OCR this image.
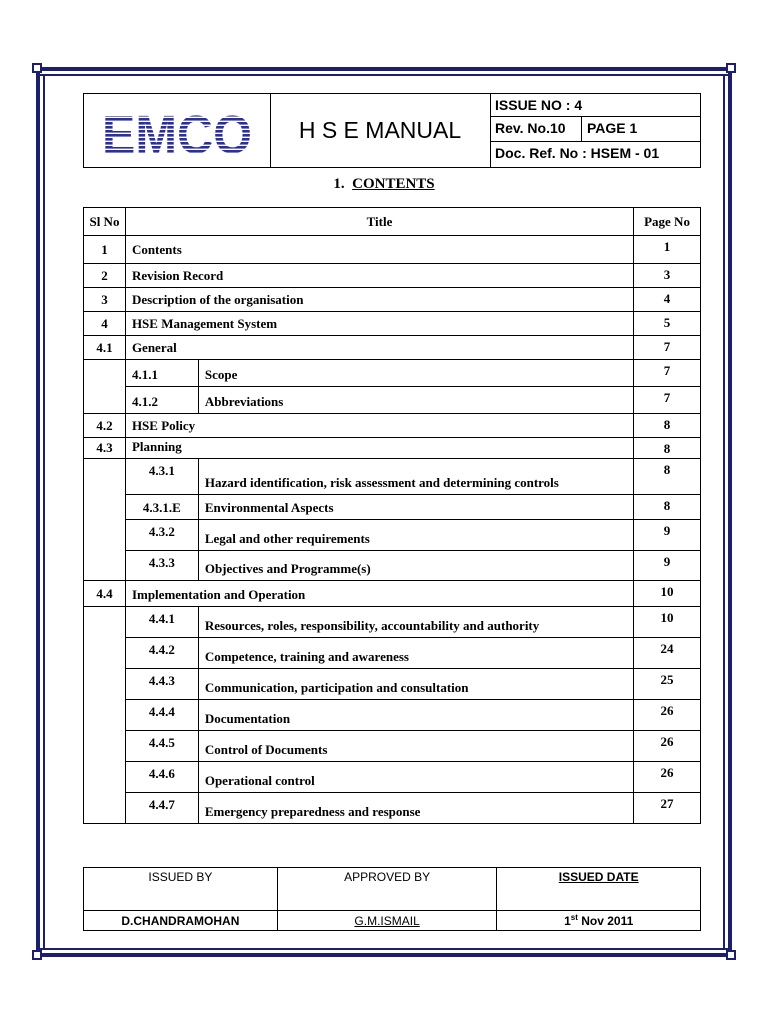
H S E MANUAL
ISSUE NO : 4
Rev. No.10 PAGE 1
Doc. Ref. No : HSEM - 01
1. CONTENTS
Sl No	Title		Page No
1	Contents		1
2	Revision Record		3
3	Description of the organisation		4
4	HSE Management System		5
4.1	General		7
	4.1.1	Scope	7
	4.1.2	Abbreviations	7
4.2	HSE Policy		8
4.3	Planning		8
	4.3.1	Hazard identification, risk assessment and determining controls	8
	4.3.1.E	Environmental Aspects	8
	4.3.2	Legal and other requirements	9
	4.3.3	Objectives and Programme(s)	9
4.4	Implementation and Operation		10
	4.4.1	Resources, roles, responsibility, accountability and authority	10
	4.4.2	Competence, training and awareness	24
	4.4.3	Communication, participation and consultation	25
	4.4.4	Documentation	26
	4.4.5	Control of Documents	26
	4.4.6	Operational control	26
	4.4.7	Emergency preparedness and response	27
ISSUED BY	APPROVED BY	ISSUED DATE
D.CHANDRAMOHAN	G.M.ISMAIL	1st Nov 2011
